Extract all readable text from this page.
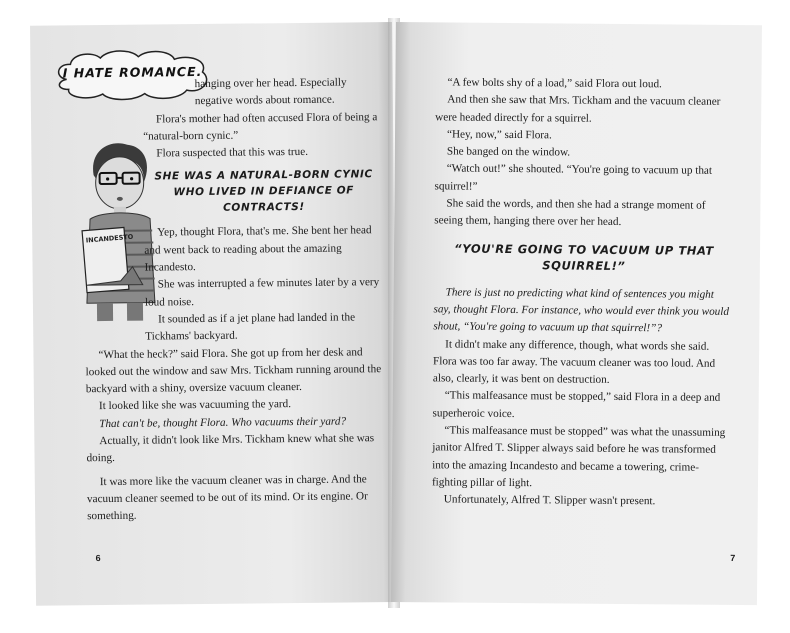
I HATE ROMANCE.
INCANDESTO

hanging over her head. Especially negative words about romance.

Flora's mother had often accused Flora of being a “natural-born cynic.”

Flora suspected that this was true.

SHE WAS A NATURAL-BORN CYNIC WHO LIVED IN DEFIANCE OF CONTRACTS!

Yep, thought Flora, that's me. She bent her head and went back to reading about the amazing Incandesto.

She was interrupted a few minutes later by a very loud noise.

It sounded as if a jet plane had landed in the Tickhams' backyard.

“What the heck?” said Flora. She got up from her desk and looked out the window and saw Mrs. Tickham running around the backyard with a shiny, oversize vacuum cleaner.

It looked like she was vacuuming the yard.

That can't be, thought Flora. Who vacuums their yard?

Actually, it didn't look like Mrs. Tickham knew what she was doing.

It was more like the vacuum cleaner was in charge. And the vacuum cleaner seemed to be out of its mind. Or its engine. Or something.

6

“A few bolts shy of a load,” said Flora out loud.

And then she saw that Mrs. Tickham and the vacuum cleaner were headed directly for a squirrel.

“Hey, now,” said Flora.

She banged on the window.

“Watch out!” she shouted. “You're going to vacuum up that squirrel!”

She said the words, and then she had a strange moment of seeing them, hanging there over her head.

“YOU'RE GOING TO VACUUM UP THAT SQUIRREL!”

There is just no predicting what kind of sentences you might say, thought Flora. For instance, who would ever think you would shout, “You're going to vacuum up that squirrel!”?

It didn't make any difference, though, what words she said. Flora was too far away. The vacuum cleaner was too loud. And also, clearly, it was bent on destruction.

“This malfeasance must be stopped,” said Flora in a deep and superheroic voice.

“This malfeasance must be stopped” was what the unassuming janitor Alfred T. Slipper always said before he was transformed into the amazing Incandesto and became a towering, crime-fighting pillar of light.

Unfortunately, Alfred T. Slipper wasn't present.

7
